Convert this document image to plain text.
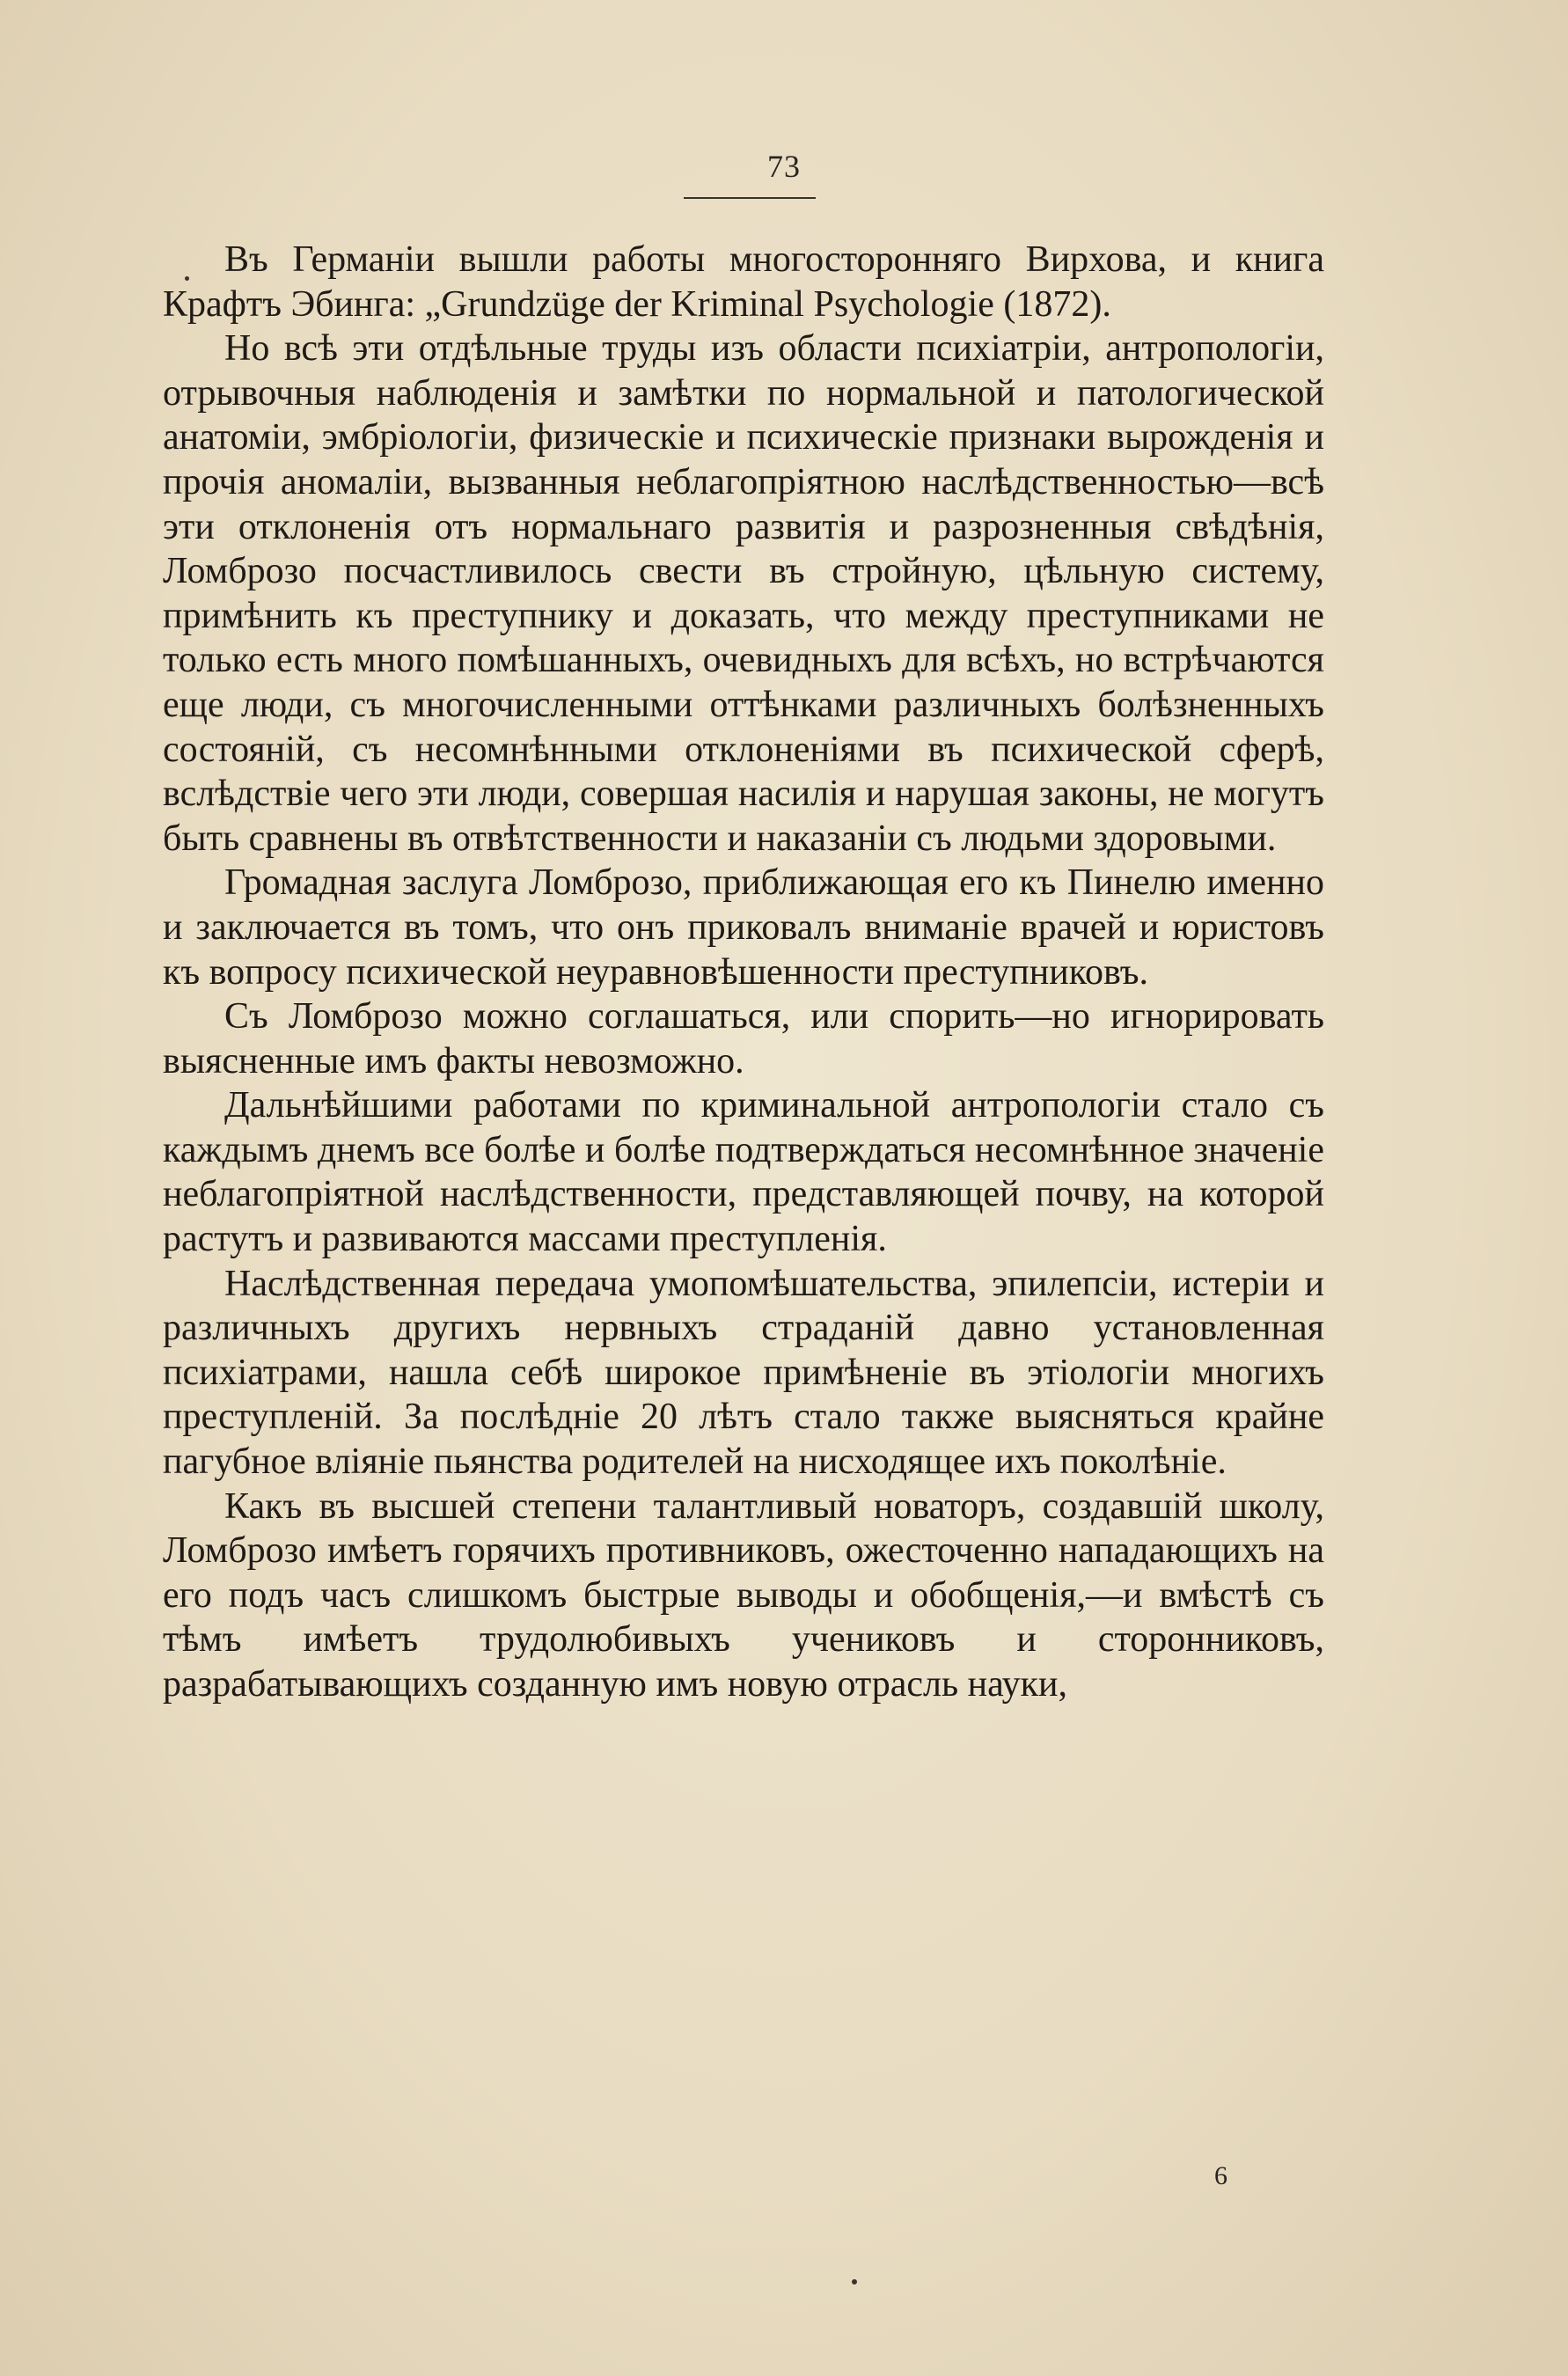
73

Въ Германіи вышли работы многосторонняго Вирхова, и книга Крафтъ Эбинга: „Grundzüge der Kriminal Psychologie (1872).

Но всѣ эти отдѣльные труды изъ области психіатріи, антропологіи, отрывочныя наблюденія и замѣтки по нормальной и патологической анатоміи, эмбріологіи, физическіе и психическіе признаки вырожденія и прочія аномаліи, вызванныя неблагопріятною наслѣдственностью—всѣ эти отклоненія отъ нормальнаго развитія и разрозненныя свѣдѣнія, Ломброзо посчастливилось свести въ стройную, цѣльную систему, примѣнить къ преступнику и доказать, что между преступниками не только есть много помѣшанныхъ, очевидныхъ для всѣхъ, но встрѣчаются еще люди, съ многочисленными оттѣнками различныхъ болѣзненныхъ состояній, съ несомнѣнными отклоненіями въ психической сферѣ, вслѣдствіе чего эти люди, совершая насилія и нарушая законы, не могутъ быть сравнены въ отвѣтственности и наказаніи съ людьми здоровыми.

Громадная заслуга Ломброзо, приближающая его къ Пинелю именно и заключается въ томъ, что онъ приковалъ вниманіе врачей и юристовъ къ вопросу психической неуравновѣшенности преступниковъ.

Съ Ломброзо можно соглашаться, или спорить—но игнорировать выясненные имъ факты невозможно.

Дальнѣйшими работами по криминальной антропологіи стало съ каждымъ днемъ все болѣе и болѣе подтверждаться несомнѣнное значеніе неблагопріятной наслѣдственности, представляющей почву, на которой растутъ и развиваются массами преступленія.

Наслѣдственная передача умопомѣшательства, эпилепсіи, истеріи и различныхъ другихъ нервныхъ страданій давно установленная психіатрами, нашла себѣ широкое примѣненіе въ этіологіи многихъ преступленій. За послѣдніе 20 лѣтъ стало также выясняться крайне пагубное вліяніе пьянства родителей на нисходящее ихъ поколѣніе.

Какъ въ высшей степени талантливый новаторъ, создавшій школу, Ломброзо имѣетъ горячихъ противниковъ, ожесточенно нападающихъ на его подъ часъ слишкомъ быстрые выводы и обобщенія,—и вмѣстѣ съ тѣмъ имѣетъ трудолюбивыхъ учениковъ и сторонниковъ, разрабатывающихъ созданную имъ новую отрасль науки,

6
